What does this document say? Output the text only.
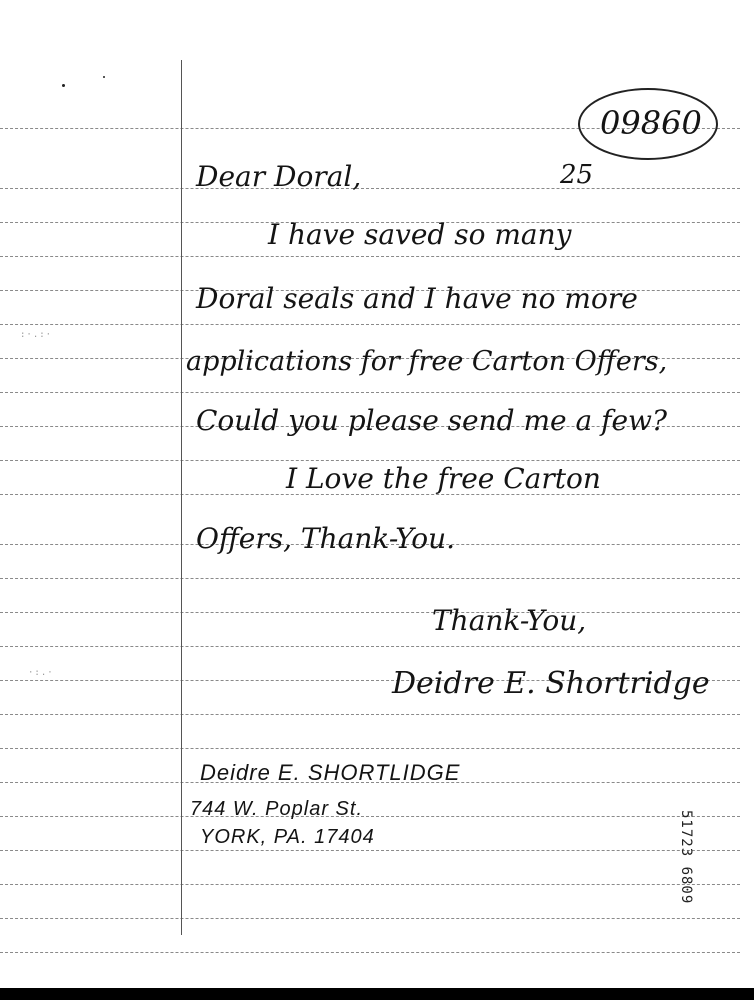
:·.:·
·:.·
09860
25
Dear Doral,
I have saved so many
Doral seals and I have no more
applications for free Carton Offers,
Could you please send me a few?
I Love the free Carton
Offers, Thank-You.
Thank-You,
Deidre E. Shortridge
Deidre E. SHORTLIDGE
744 W. Poplar St.
YORK, PA. 17404	51723 6809
